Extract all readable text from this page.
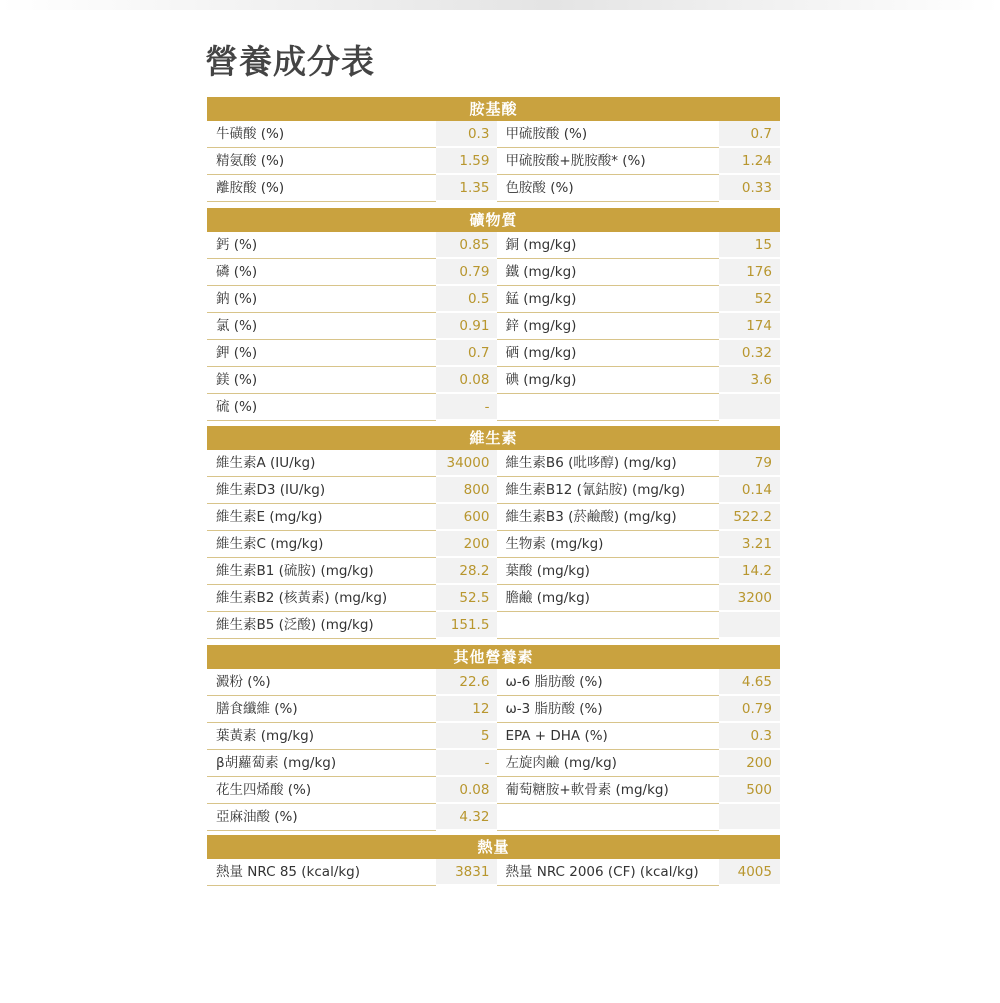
營養成分表
胺基酸
牛磺酸 (%)	0.3	甲硫胺酸 (%)	0.7
精氨酸 (%)	1.59	甲硫胺酸+胱胺酸* (%)	1.24
離胺酸 (%)	1.35	色胺酸 (%)	0.33
礦物質
鈣 (%)	0.85	銅 (mg/kg)	15
磷 (%)	0.79	鐵 (mg/kg)	176
鈉 (%)	0.5	錳 (mg/kg)	52
氯 (%)	0.91	鋅 (mg/kg)	174
鉀 (%)	0.7	硒 (mg/kg)	0.32
鎂 (%)	0.08	碘 (mg/kg)	3.6
硫 (%)	-
維生素
維生素A (IU/kg)	34000	維生素B6 (吡哆醇) (mg/kg)	79
維生素D3 (IU/kg)	800	維生素B12 (氰鈷胺) (mg/kg)	0.14
維生素E (mg/kg)	600	維生素B3 (菸鹼酸) (mg/kg)	522.2
維生素C (mg/kg)	200	生物素 (mg/kg)	3.21
維生素B1 (硫胺) (mg/kg)	28.2	葉酸 (mg/kg)	14.2
維生素B2 (核黃素) (mg/kg)	52.5	膽鹼 (mg/kg)	3200
維生素B5 (泛酸) (mg/kg)	151.5
其他營養素
澱粉 (%)	22.6	ω-6 脂肪酸 (%)	4.65
膳食纖維 (%)	12	ω-3 脂肪酸 (%)	0.79
葉黃素 (mg/kg)	5	EPA + DHA (%)	0.3
β胡蘿蔔素 (mg/kg)	-	左旋肉鹼 (mg/kg)	200
花生四烯酸 (%)	0.08	葡萄糖胺+軟骨素 (mg/kg)	500
亞麻油酸 (%)	4.32
熱量
熱量 NRC 85 (kcal/kg)	3831	熱量 NRC 2006 (CF) (kcal/kg)	4005
